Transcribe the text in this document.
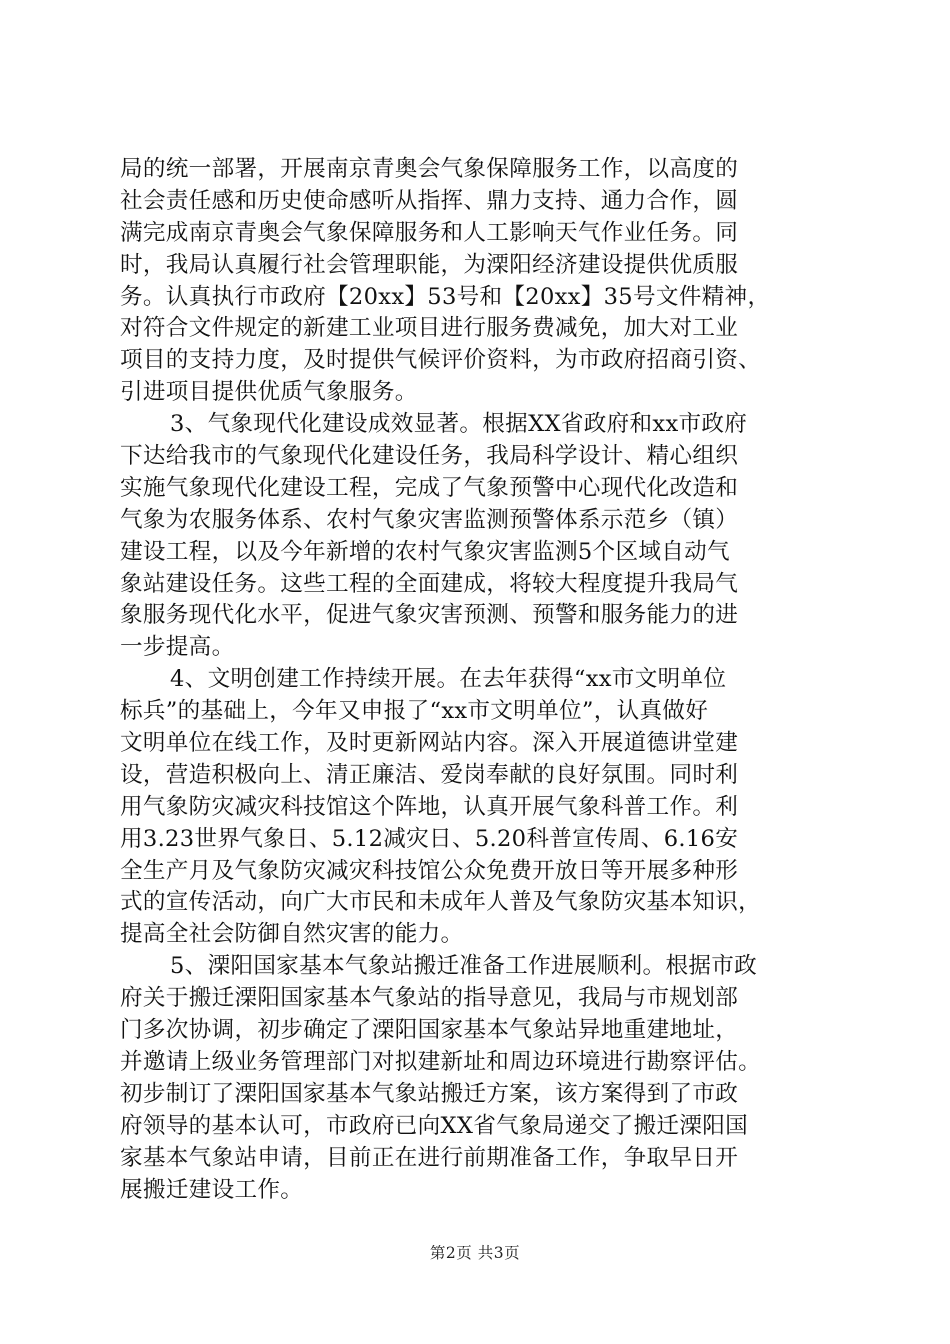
局的统一部署，开展南京青奥会气象保障服务工作，以高度的
社会责任感和历史使命感听从指挥、鼎力支持、通力合作，圆
满完成南京青奥会气象保障服务和人工影响天气作业任务。同
时，我局认真履行社会管理职能，为溧阳经济建设提供优质服
务。认真执行市政府【20xx】53号和【20xx】35号文件精神，
对符合文件规定的新建工业项目进行服务费减免，加大对工业
项目的支持力度，及时提供气候评价资料，为市政府招商引资、
引进项目提供优质气象服务。
3、气象现代化建设成效显著。根据XX省政府和xx市政府
下达给我市的气象现代化建设任务，我局科学设计、精心组织
实施气象现代化建设工程，完成了气象预警中心现代化改造和
气象为农服务体系、农村气象灾害监测预警体系示范乡（镇）
建设工程，以及今年新增的农村气象灾害监测5个区域自动气
象站建设任务。这些工程的全面建成，将较大程度提升我局气
象服务现代化水平，促进气象灾害预测、预警和服务能力的进
一步提高。
4、文明创建工作持续开展。在去年获得“xx市文明单位
标兵”的基础上，今年又申报了“xx市文明单位”，认真做好
文明单位在线工作，及时更新网站内容。深入开展道德讲堂建
设，营造积极向上、清正廉洁、爱岗奉献的良好氛围。同时利
用气象防灾减灾科技馆这个阵地，认真开展气象科普工作。利
用3.23世界气象日、5.12减灾日、5.20科普宣传周、6.16安
全生产月及气象防灾减灾科技馆公众免费开放日等开展多种形
式的宣传活动，向广大市民和未成年人普及气象防灾基本知识，
提高全社会防御自然灾害的能力。
5、溧阳国家基本气象站搬迁准备工作进展顺利。根据市政
府关于搬迁溧阳国家基本气象站的指导意见，我局与市规划部
门多次协调，初步确定了溧阳国家基本气象站异地重建地址，
并邀请上级业务管理部门对拟建新址和周边环境进行勘察评估。
初步制订了溧阳国家基本气象站搬迁方案，该方案得到了市政
府领导的基本认可，市政府已向XX省气象局递交了搬迁溧阳国
家基本气象站申请，目前正在进行前期准备工作，争取早日开
展搬迁建设工作。
第2页 共3页
